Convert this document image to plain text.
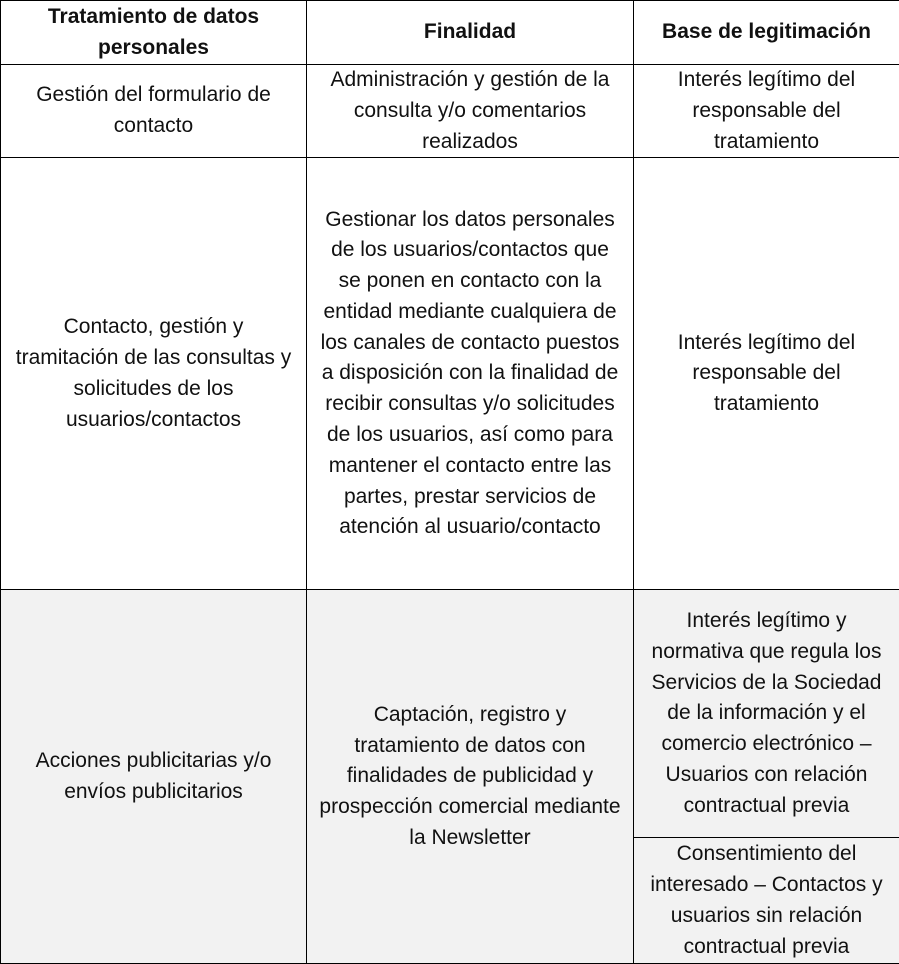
Tratamiento de datos personales	Finalidad	Base de legitimación
Gestión del formulario de contacto	Administración y gestión de la consulta y/o comentarios realizados	Interés legítimo del responsable del tratamiento
Contacto, gestión y tramitación de las consultas y solicitudes de los usuarios/contactos	Gestionar los datos personales de los usuarios/contactos que se ponen en contacto con la entidad mediante cualquiera de los canales de contacto puestos a disposición con la finalidad de recibir consultas y/o solicitudes de los usuarios, así como para mantener el contacto entre las partes, prestar servicios de atención al usuario/contacto	Interés legítimo del responsable del tratamiento
Acciones publicitarias y/o envíos publicitarios	Captación, registro y tratamiento de datos con finalidades de publicidad y prospección comercial mediante la Newsletter	Interés legítimo y normativa que regula los Servicios de la Sociedad de la información y el comercio electrónico – Usuarios con relación contractual previa
		Consentimiento del interesado – Contactos y usuarios sin relación contractual previa
